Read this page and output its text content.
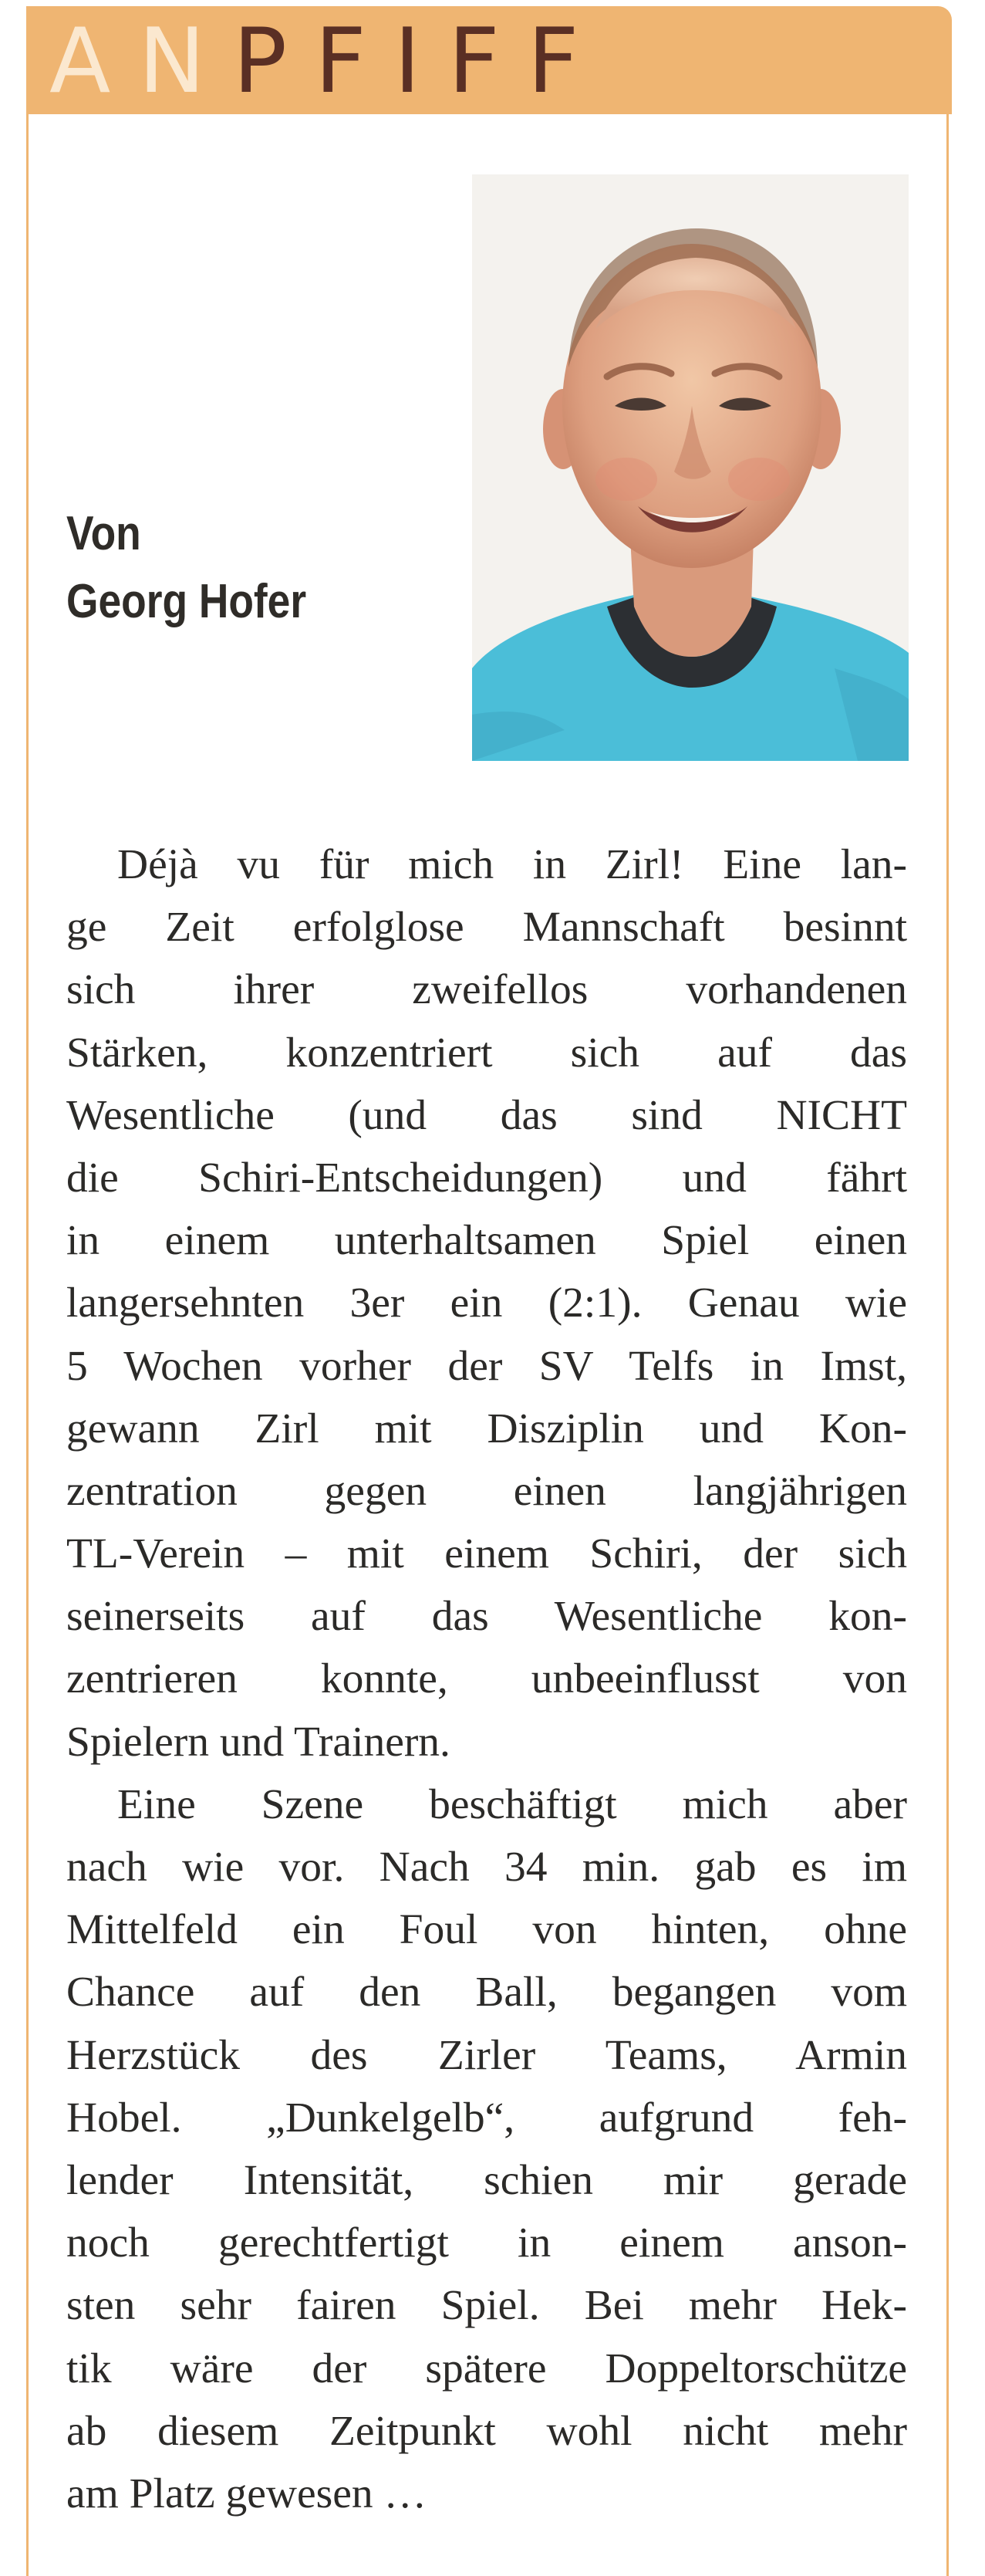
ANPFIFF
Von
Georg Hofer
Déjà vu für mich in Zirl! Eine lan-
ge Zeit erfolglose Mannschaft besinnt
sich ihrer zweifellos vorhandenen
Stärken, konzentriert sich auf das
Wesentliche (und das sind NICHT
die Schiri-Entscheidungen) und fährt
in einem unterhaltsamen Spiel einen
langersehnten 3er ein (2:1). Genau wie
5 Wochen vorher der SV Telfs in Imst,
gewann Zirl mit Disziplin und Kon-
zentration gegen einen langjährigen
TL-Verein – mit einem Schiri, der sich
seinerseits auf das Wesentliche kon-
zentrieren konnte, unbeeinflusst von
Spielern und Trainern.
Eine Szene beschäftigt mich aber
nach wie vor. Nach 34 min. gab es im
Mittelfeld ein Foul von hinten, ohne
Chance auf den Ball, begangen vom
Herzstück des Zirler Teams, Armin
Hobel. „Dunkelgelb“, aufgrund feh-
lender Intensität, schien mir gerade
noch gerechtfertigt in einem anson-
sten sehr fairen Spiel. Bei mehr Hek-
tik wäre der spätere Doppeltorschütze
ab diesem Zeitpunkt wohl nicht mehr
am Platz gewesen …
